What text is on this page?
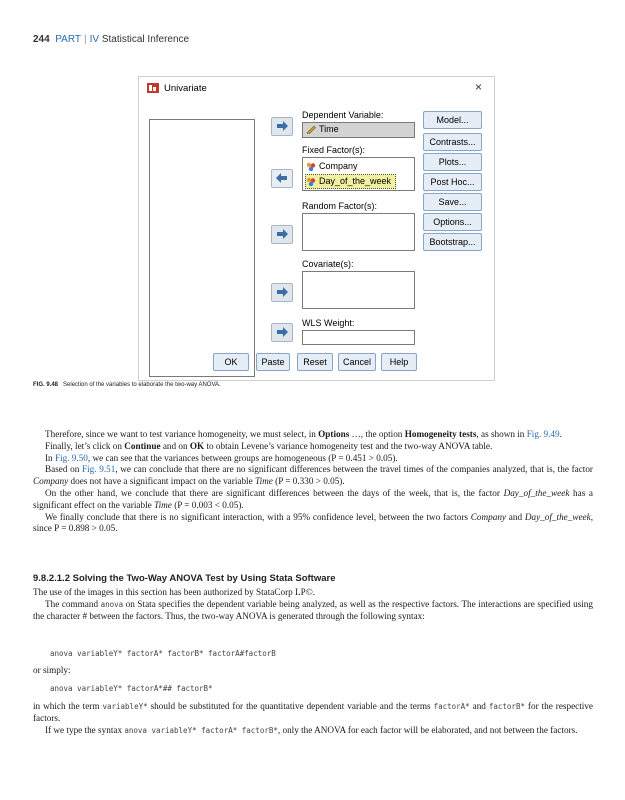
244 PART | IV Statistical Inference
Univariate	×
Dependent Variable:
Time
Fixed Factor(s):
Company
Day_of_the_week
Random Factor(s):
Covariate(s):
WLS Weight:
Model...
Contrasts...
Plots...
Post Hoc...
Save...
Options...
Bootstrap...
OK	Paste	Reset	Cancel	Help
FIG. 9.48 Selection of the variables to elaborate the two-way ANOVA.

Therefore, since we want to test variance homogeneity, we must select, in Options …, the option Homogeneity tests, as shown in Fig. 9.49.

Finally, let’s click on Continue and on OK to obtain Levene’s variance homogeneity test and the two-way ANOVA table.

In Fig. 9.50, we can see that the variances between groups are homogeneous (P = 0.451 > 0.05).

Based on Fig. 9.51, we can conclude that there are no significant differences between the travel times of the companies analyzed, that is, the factor Company does not have a significant impact on the variable Time (P = 0.330 > 0.05).

On the other hand, we conclude that there are significant differences between the days of the week, that is, the factor Day_of_the_week has a significant effect on the variable Time (P = 0.003 < 0.05).

We finally conclude that there is no significant interaction, with a 95% confidence level, between the two factors Company and Day_of_the_week, since P = 0.898 > 0.05.

9.8.2.1.2 Solving the Two-Way ANOVA Test by Using Stata Software

The use of the images in this section has been authorized by StataCorp LP©.

The command anova on Stata specifies the dependent variable being analyzed, as well as the respective factors. The interactions are specified using the character # between the factors. Thus, the two-way ANOVA is generated through the following syntax:

anova variableY* factorA* factorB* factorA#factorB

or simply:

anova variableY* factorA*## factorB*

in which the term variableY* should be substituted for the quantitative dependent variable and the terms factorA* and factorB* for the respective factors.

If we type the syntax anova variableY* factorA* factorB*, only the ANOVA for each factor will be elaborated, and not between the factors.
